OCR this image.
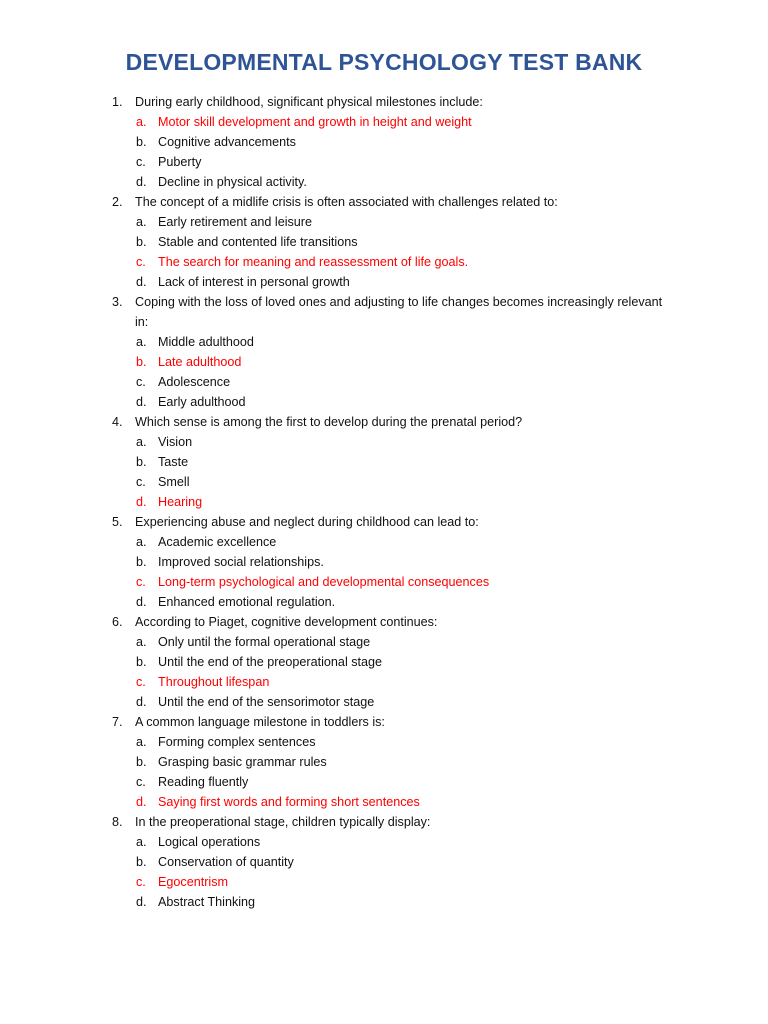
DEVELOPMENTAL PSYCHOLOGY TEST BANK
1. During early childhood, significant physical milestones include:
a. Motor skill development and growth in height and weight
b. Cognitive advancements
c. Puberty
d. Decline in physical activity.
2. The concept of a midlife crisis is often associated with challenges related to:
a. Early retirement and leisure
b. Stable and contented life transitions
c. The search for meaning and reassessment of life goals.
d. Lack of interest in personal growth
3. Coping with the loss of loved ones and adjusting to life changes becomes increasingly relevant
in:
a. Middle adulthood
b. Late adulthood
c. Adolescence
d. Early adulthood
4. Which sense is among the first to develop during the prenatal period?
a. Vision
b. Taste
c. Smell
d. Hearing
5. Experiencing abuse and neglect during childhood can lead to:
a. Academic excellence
b. Improved social relationships.
c. Long-term psychological and developmental consequences
d. Enhanced emotional regulation.
6. According to Piaget, cognitive development continues:
a. Only until the formal operational stage
b. Until the end of the preoperational stage
c. Throughout lifespan
d. Until the end of the sensorimotor stage
7. A common language milestone in toddlers is:
a. Forming complex sentences
b. Grasping basic grammar rules
c. Reading fluently
d. Saying first words and forming short sentences
8. In the preoperational stage, children typically display:
a. Logical operations
b. Conservation of quantity
c. Egocentrism
d. Abstract Thinking
